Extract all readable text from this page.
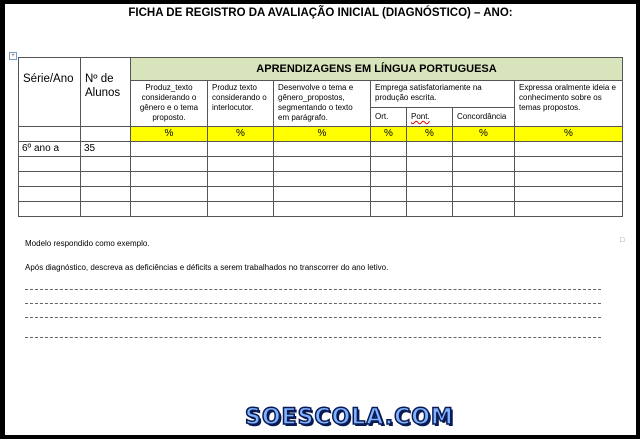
FICHA DE REGISTRO DA AVALIAÇÃO INICIAL (DIAGNÓSTICO) – ANO:
+
Série/Ano	Nº de Alunos	APRENDIZAGENS EM LÍNGUA PORTUGUESA						
		Produz_texto considerando o gênero e o tema proposto.	Produz texto considerando o interlocutor.	Desenvolve o tema e gênero_propostos, segmentando o texto em parágrafo.	Emprega satisfatoriamente na produção escrita.			Expressa oralmente ideia e conhecimento sobre os temas propostos.
					Ort.	Pont.	Concordância	
		%	%	%	%	%	%	%
6º ano a	35							

□
Modelo respondido como exemplo.
Após diagnóstico, descreva as deficiências e déficits a serem trabalhados no transcorrer do ano letivo.
SOESCOLA.COM
